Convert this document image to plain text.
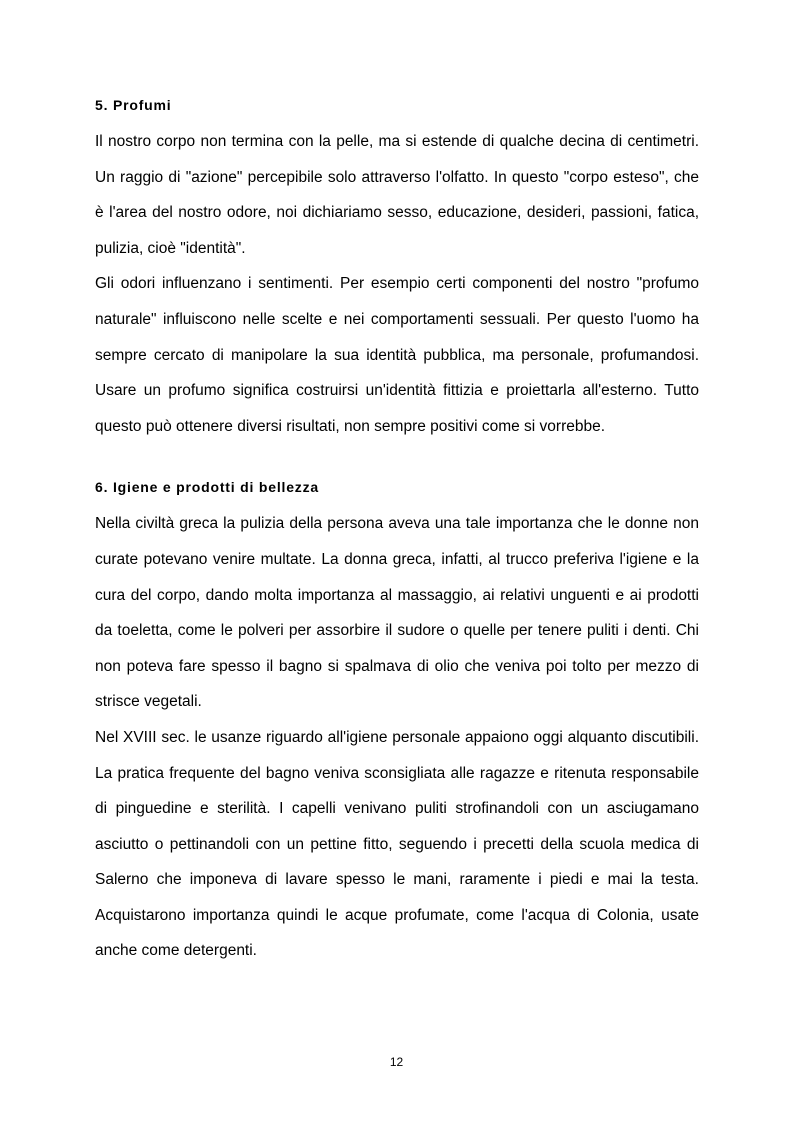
5. Profumi

Il nostro corpo non termina con la pelle, ma si estende di qualche decina di centimetri. Un raggio di "azione" percepibile solo attraverso l'olfatto. In questo "corpo esteso", che è l'area del nostro odore, noi dichiariamo sesso, educazione, desideri, passioni, fatica, pulizia, cioè "identità".

Gli odori influenzano i sentimenti. Per esempio certi componenti del nostro "profumo naturale" influiscono nelle scelte e nei comportamenti sessuali. Per questo l'uomo ha sempre cercato di manipolare la sua identità pubblica, ma personale, profumandosi. Usare un profumo significa costruirsi un'identità fittizia e proiettarla all'esterno. Tutto questo può ottenere diversi risultati, non sempre positivi come si vorrebbe.

6. Igiene e prodotti di bellezza

Nella civiltà greca la pulizia della persona aveva una tale importanza che le donne non curate potevano venire multate. La donna greca, infatti, al trucco preferiva l'igiene e la cura del corpo, dando molta importanza al massaggio, ai relativi unguenti e ai prodotti da toeletta, come le polveri per assorbire il sudore o quelle per tenere puliti i denti. Chi non poteva fare spesso il bagno si spalmava di olio che veniva poi tolto per mezzo di strisce vegetali.

Nel XVIII sec. le usanze riguardo all'igiene personale appaiono oggi alquanto discutibili. La pratica frequente del bagno veniva sconsigliata alle ragazze e ritenuta responsabile di pinguedine e sterilità. I capelli venivano puliti strofinandoli con un asciugamano asciutto o pettinandoli con un pettine fitto, seguendo i precetti della scuola medica di Salerno che imponeva di lavare spesso le mani, raramente i piedi e mai la testa. Acquistarono importanza quindi le acque profumate, come l'acqua di Colonia, usate anche come detergenti.

12
